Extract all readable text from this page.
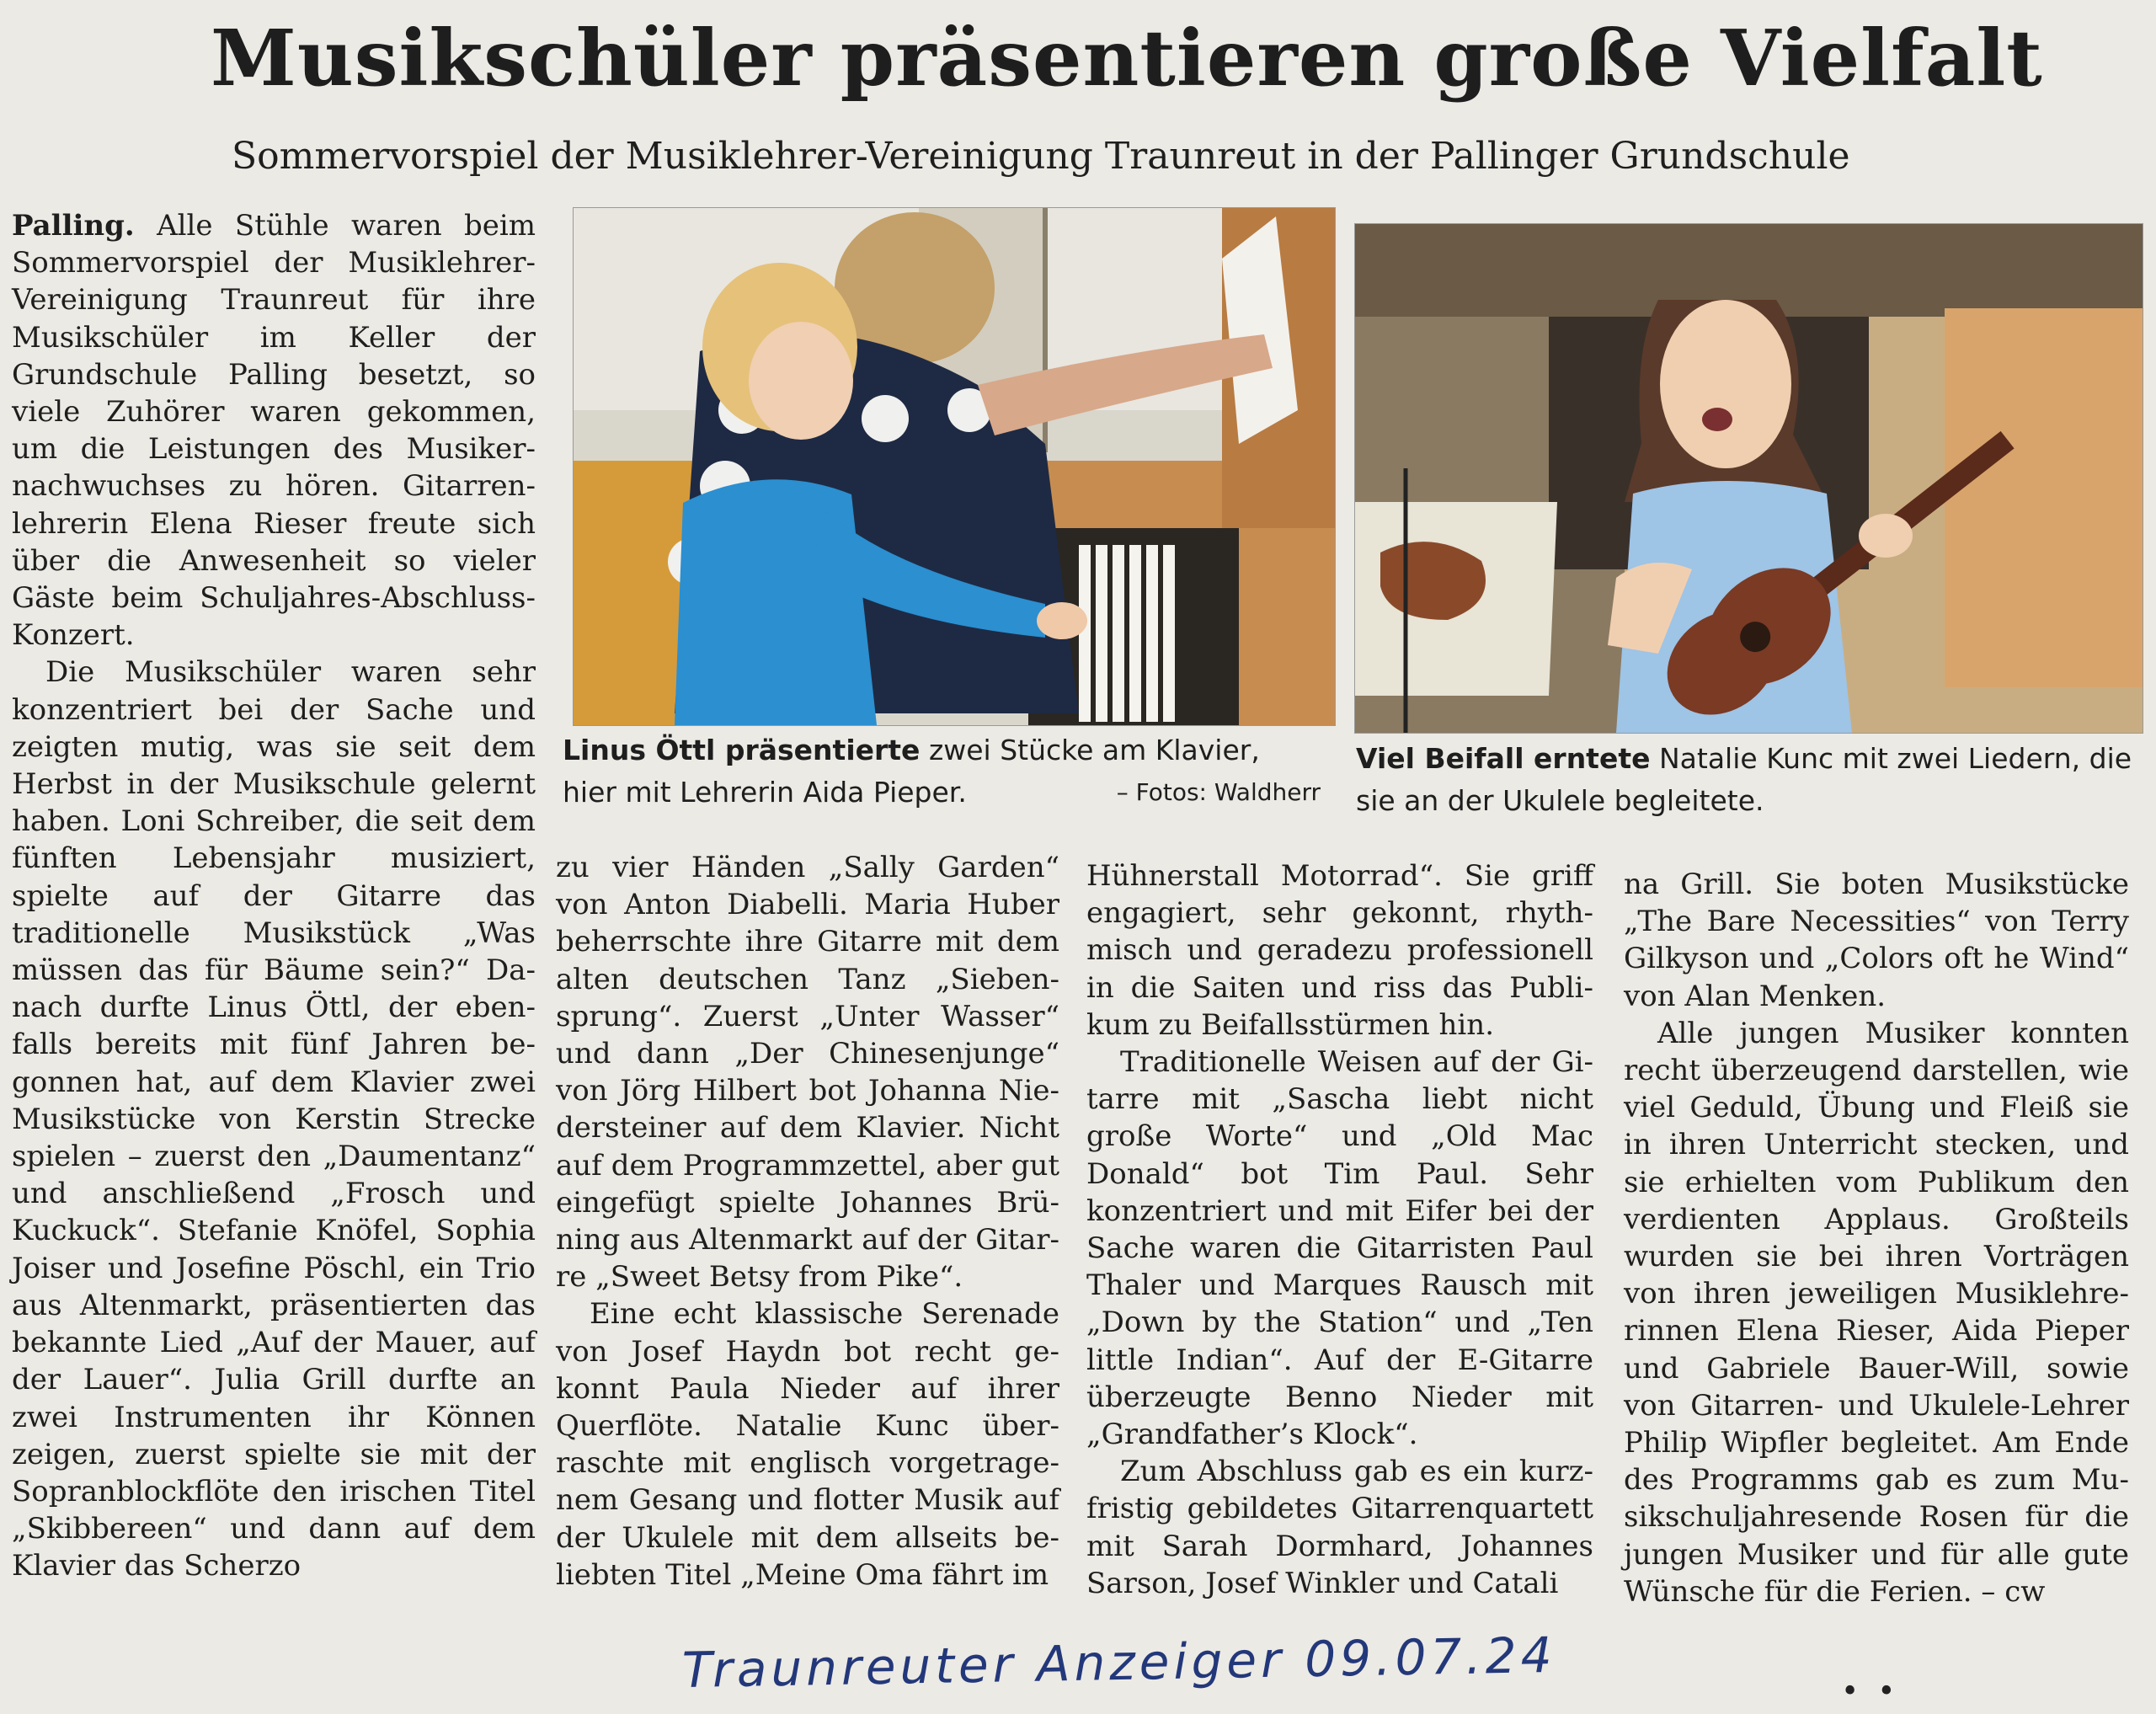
Musikschüler präsentieren große Vielfalt
Sommervorspiel der Musiklehrer-Vereinigung Traunreut in der Pallinger Grundschule

Palling. Alle Stühle waren beim Sommervorspiel der Musiklehrer-Vereinigung Traunreut für ihre Musikschüler im Keller der Grundschule Palling besetzt, so viele Zuhörer waren gekommen, um die Leistungen des Musikernachwuchses zu hören. Gitarrenlehrerin Elena Rieser freute sich über die Anwesenheit so vieler Gäste beim Schuljahres-Abschluss-Konzert.

Die Musikschüler waren sehr konzentriert bei der Sache und zeigten mutig, was sie seit dem Herbst in der Musikschule gelernt haben. Loni Schreiber, die seit dem fünften Lebensjahr musiziert, spielte auf der Gitarre das traditionelle Musikstück „Was müssen das für Bäume sein?“ Danach durfte Linus Öttl, der ebenfalls bereits mit fünf Jahren begonnen hat, auf dem Klavier zwei Musikstücke von Kerstin Strecke spielen – zuerst den „Daumentanz“ und anschließend „Frosch und Kuckuck“. Stefanie Knöfel, Sophia Joiser und Josefine Pöschl, ein Trio aus Altenmarkt, präsentierten das bekannte Lied „Auf der Mauer, auf der Lauer“. Julia Grill durfte an zwei Instrumenten ihr Können zeigen, zuerst spielte sie mit der Sopranblockflöte den irischen Titel „Skibbereen“ und dann auf dem Klavier das Scherzo

Linus Öttl präsentierte zwei Stücke am Klavier, hier mit Lehrerin Aida Pieper.	– Fotos: Waldherr
Viel Beifall erntete Natalie Kunc mit zwei Liedern, die sie an der Ukulele begleitete.

zu vier Händen „Sally Garden“ von Anton Diabelli. Maria Huber beherrschte ihre Gitarre mit dem alten deutschen Tanz „Siebensprung“. Zuerst „Unter Wasser“ und dann „Der Chinesenjunge“ von Jörg Hilbert bot Johanna Niedersteiner auf dem Klavier. Nicht auf dem Programmzettel, aber gut eingefügt spielte Johannes Brüning aus Altenmarkt auf der Gitarre „Sweet Betsy from Pike“.

Eine echt klassische Serenade von Josef Haydn bot recht gekonnt Paula Nieder auf ihrer Querflöte. Natalie Kunc überraschte mit englisch vorgetragenem Gesang und flotter Musik auf der Ukulele mit dem allseits beliebten Titel „Meine Oma fährt im

Hühnerstall Motorrad“. Sie griff engagiert, sehr gekonnt, rhythmisch und geradezu professionell in die Saiten und riss das Publikum zu Beifallsstürmen hin.

Traditionelle Weisen auf der Gitarre mit „Sascha liebt nicht große Worte“ und „Old Mac Donald“ bot Tim Paul. Sehr konzentriert und mit Eifer bei der Sache waren die Gitarristen Paul Thaler und Marques Rausch mit „Down by the Station“ und „Ten little Indian“. Auf der E-Gitarre überzeugte Benno Nieder mit „Grandfather’s Klock“.

Zum Abschluss gab es ein kurzfristig gebildetes Gitarrenquartett mit Sarah Dormhard, Johannes Sarson, Josef Winkler und Catali

na Grill. Sie boten Musikstücke „The Bare Necessities“ von Terry Gilkyson und „Colors oft he Wind“ von Alan Menken.

Alle jungen Musiker konnten recht überzeugend darstellen, wie viel Geduld, Übung und Fleiß sie in ihren Unterricht stecken, und sie erhielten vom Publikum den verdienten Applaus. Großteils wurden sie bei ihren Vorträgen von ihren jeweiligen Musiklehrerinnen Elena Rieser, Aida Pieper und Gabriele Bauer-Will, sowie von Gitarren- und Ukulele-Lehrer Philip Wipfler begleitet. Am Ende des Programms gab es zum Musikschuljahresende Rosen für die jungen Musiker und für alle gute Wünsche für die Ferien. – cw

Traunreuter Anzeiger 09.07.24	••
